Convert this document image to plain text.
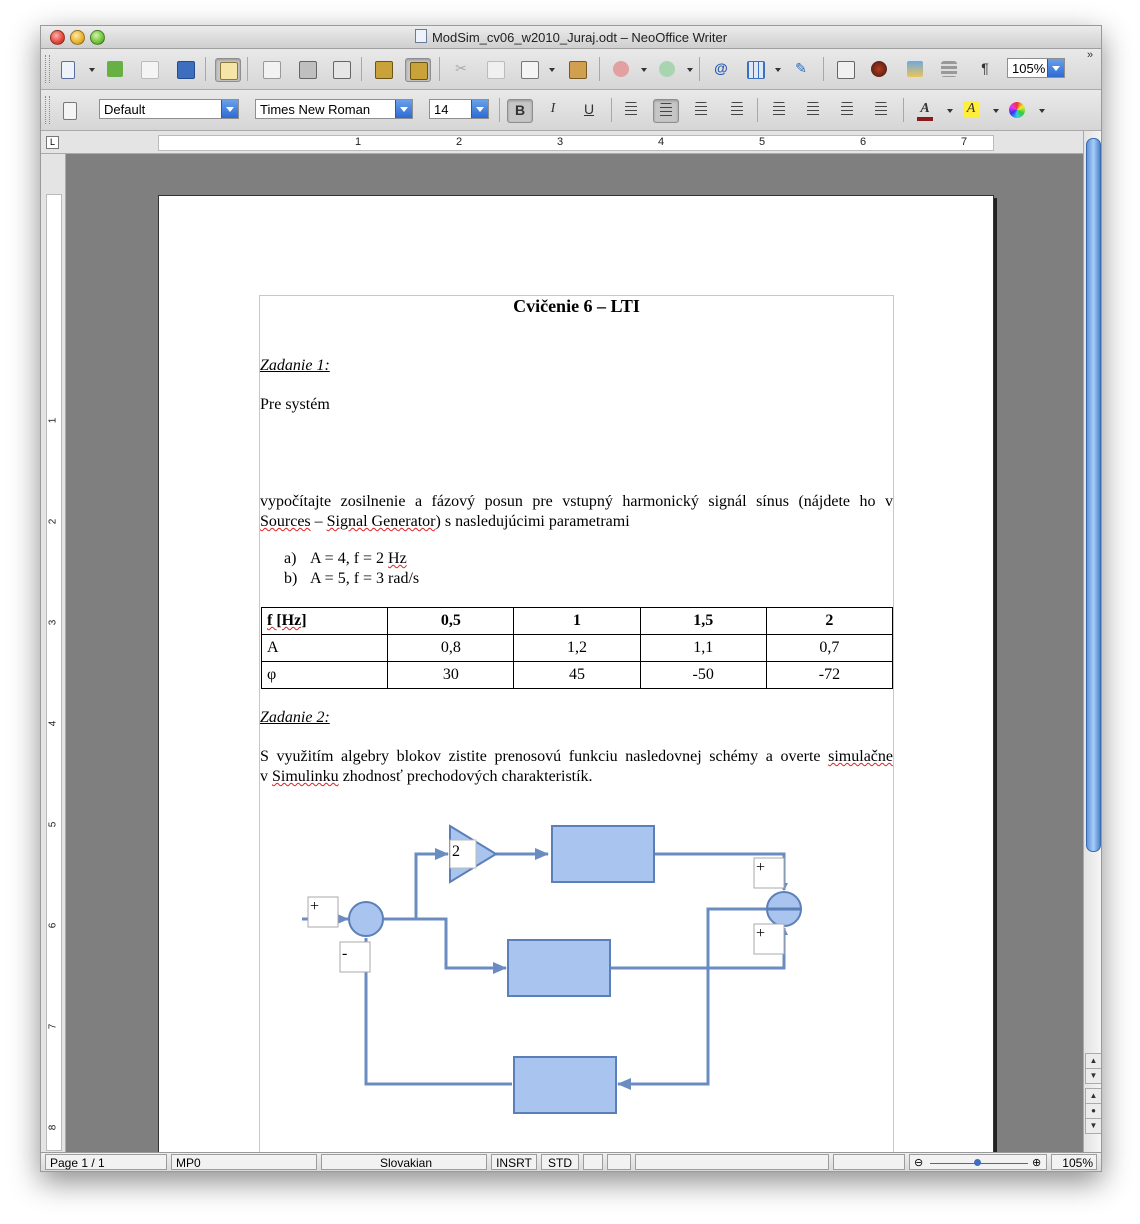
ModSim_cv06_w2010_Juraj.odt – NeoOffice Writer
✂	@	✎	¶	105%
»
Default	Times New Roman	14	B	I	U	A	A
L	1	2	3	4	5	6	7
1
2
3
4
5
6
7
8
Cvičenie 6 – LTI
Zadanie 1:
Pre systém
vypočítajte zosilnenie a fázový posun pre vstupný harmonický signál sínus (nájdete ho v
Sources – Signal Generator) s nasledujúcimi parametrami
a) A = 4, f = 2 Hz
b) A = 5, f = 3 rad/s
f [Hz]	0,5	1	1,5	2
A	0,8	1,2	1,1	0,7
φ	30	45	-50	-72
Zadanie 2:
S využitím algebry blokov zistite prenosovú funkciu nasledovnej schémy a overte simulačne
v Simulinku zhodnosť prechodových charakteristík.
2
+
-
+
+
▲
▼
▲
●
▼
Page 1 / 1	MP0	Slovakian	INSRT	STD	⊖	⊕	105%
